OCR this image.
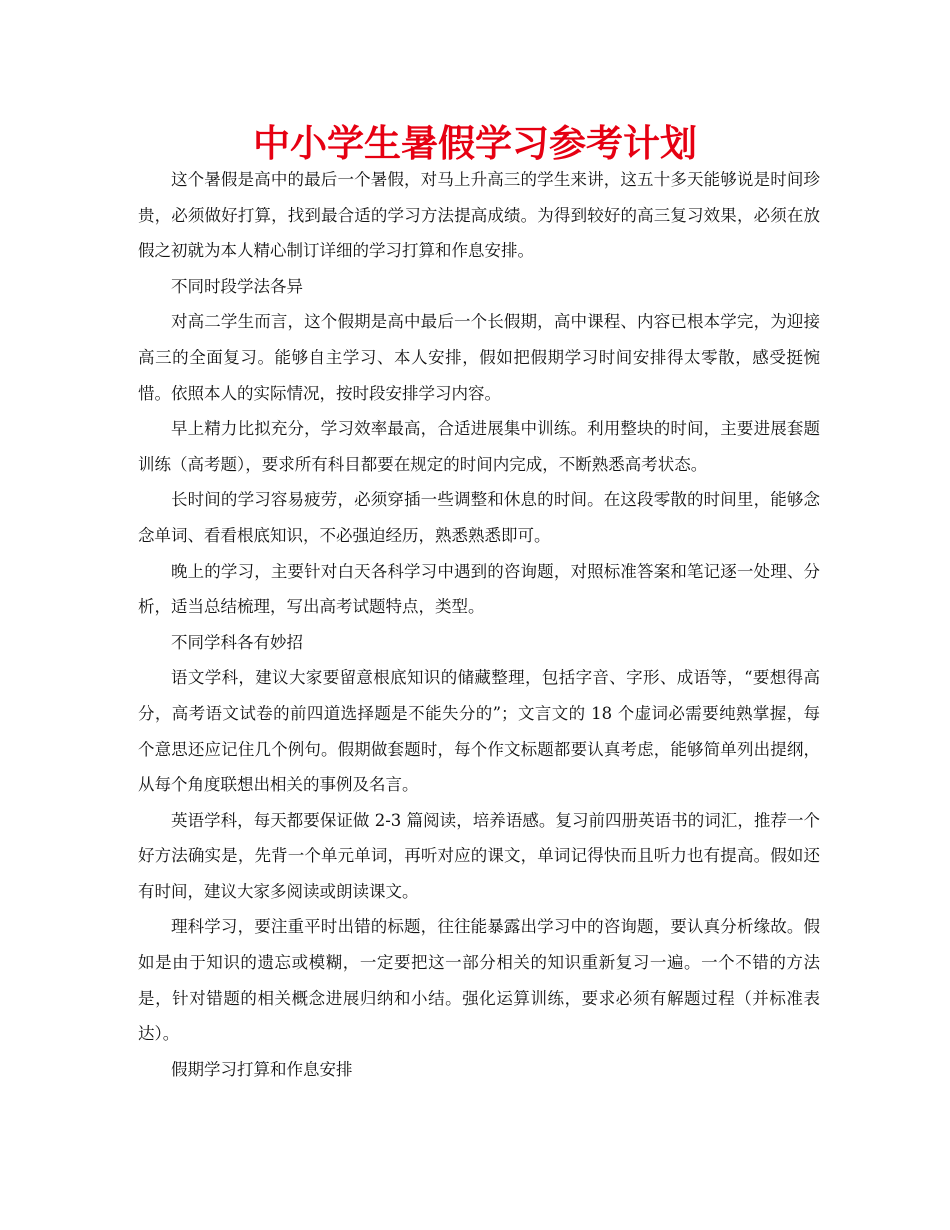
中小学生暑假学习参考计划

这个暑假是高中的最后一个暑假，对马上升高三的学生来讲，这五十多天能够说是时间珍贵，必须做好打算，找到最合适的学习方法提高成绩。为得到较好的高三复习效果，必须在放假之初就为本人精心制订详细的学习打算和作息安排。

不同时段学法各异

对高二学生而言，这个假期是高中最后一个长假期，高中课程、内容已根本学完，为迎接高三的全面复习。能够自主学习、本人安排，假如把假期学习时间安排得太零散，感受挺惋惜。依照本人的实际情况，按时段安排学习内容。

早上精力比拟充分，学习效率最高，合适进展集中训练。利用整块的时间，主要进展套题训练（高考题），要求所有科目都要在规定的时间内完成，不断熟悉高考状态。

长时间的学习容易疲劳，必须穿插一些调整和休息的时间。在这段零散的时间里，能够念念单词、看看根底知识，不必强迫经历，熟悉熟悉即可。

晚上的学习，主要针对白天各科学习中遇到的咨询题，对照标准答案和笔记逐一处理、分析，适当总结梳理，写出高考试题特点，类型。

不同学科各有妙招

语文学科，建议大家要留意根底知识的储藏整理，包括字音、字形、成语等，“要想得高分，高考语文试卷的前四道选择题是不能失分的”；文言文的 18 个虚词必需要纯熟掌握，每个意思还应记住几个例句。假期做套题时，每个作文标题都要认真考虑，能够简单列出提纲，从每个角度联想出相关的事例及名言。

英语学科，每天都要保证做 2-3 篇阅读，培养语感。复习前四册英语书的词汇，推荐一个好方法确实是，先背一个单元单词，再听对应的课文，单词记得快而且听力也有提高。假如还有时间，建议大家多阅读或朗读课文。

理科学习，要注重平时出错的标题，往往能暴露出学习中的咨询题，要认真分析缘故。假如是由于知识的遗忘或模糊，一定要把这一部分相关的知识重新复习一遍。一个不错的方法是，针对错题的相关概念进展归纳和小结。强化运算训练，要求必须有解题过程（并标准表达）。

假期学习打算和作息安排
